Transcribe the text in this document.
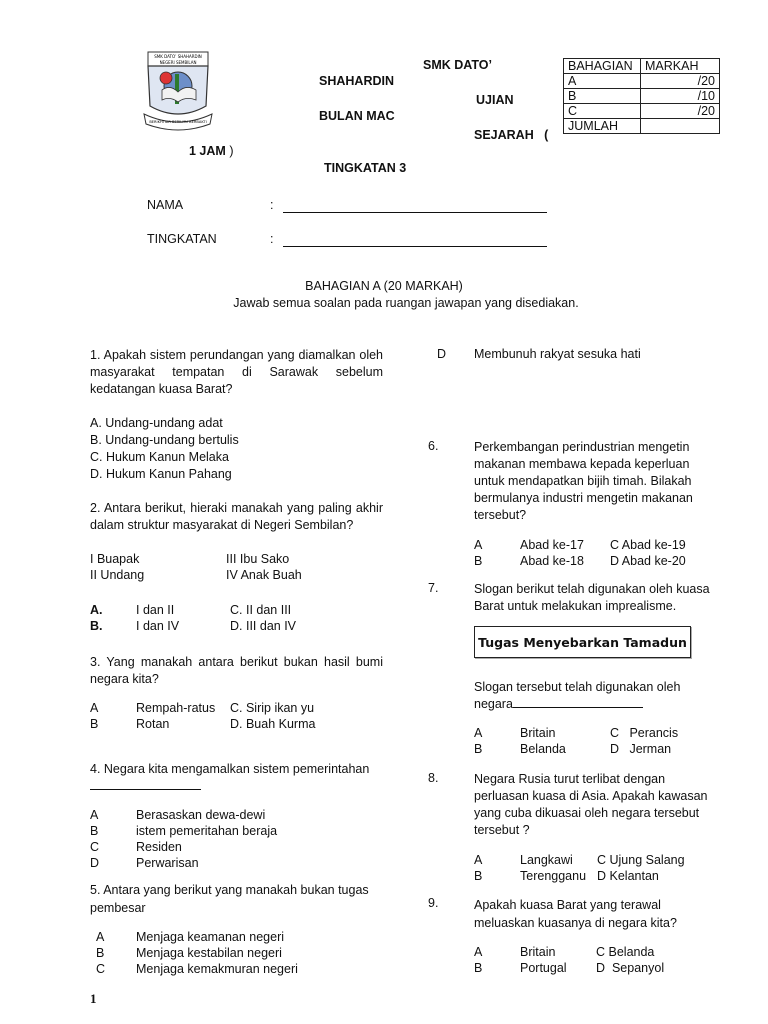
SMK DATO’ SHAHARDIN
NEGERI SEMBILAN
BERIKHTIAR BERILMU BERBAKTI
SMK DATO’
SHAHARDIN
UJIAN
BULAN MAC
SEJARAH   (
1 JAM )
TINGKATAN 3
BAHAGIAN	MARKAH
A	/20
B	/10
C	/20
JUMLAH	
NAMA	:
TINGKATAN	:
BAHAGIAN A (20 MARKAH)
Jawab semua soalan pada ruangan jawapan yang disediakan.
1. Apakah sistem perundangan yang diamalkan oleh masyarakat tempatan di Sarawak sebelum kedatangan kuasa Barat?
A. Undang-undang adat
B. Undang-undang bertulis
C. Hukum Kanun Melaka
D. Hukum Kanun Pahang
2. Antara berikut, hieraki manakah yang paling akhir dalam struktur masyarakat di Negeri Sembilan?
I Buapak	III Ibu Sako
II Undang	IV Anak Buah
A.	I dan II	C. II dan III
B.	I dan IV	D. III dan IV
3. Yang manakah antara berikut bukan hasil bumi negara kita?
A	Rempah-ratus	C. Sirip ikan yu
B	Rotan	D. Buah Kurma
4. Negara kita mengamalkan sistem pemerintahan

A	Berasaskan dewa-dewi
B	istem pemeritahan beraja
C	Residen
D	Perwarisan
5. Antara yang berikut yang manakah bukan tugas pembesar
A	Menjaga keamanan negeri
B	Menjaga kestabilan negeri
C	Menjaga kemakmuran negeri
D Membunuh rakyat sesuka hati
6.	Perkembangan perindustrian mengetin makanan membawa kepada keperluan untuk mendapatkan bijih timah. Bilakah bermulanya industri mengetin makanan tersebut?
A	Abad ke-17	C Abad ke-19
B	Abad ke-18	D Abad ke-20
7.	Slogan berikut telah digunakan oleh kuasa Barat untuk melakukan imprealisme.
Tugas Menyebarkan Tamadun
Slogan tersebut telah digunakan oleh negara
A	Britain	C   Perancis
B	Belanda	D   Jerman
8.	Negara Rusia turut terlibat dengan perluasan kuasa di Asia. Apakah kawasan yang cuba dikuasai oleh negara tersebut tersebut ?
A	Langkawi	C Ujung Salang
B	Terengganu D Kelantan
9.	Apakah kuasa Barat yang terawal meluaskan kuasanya di negara kita?
A	Britain	C Belanda
B	Portugal	D  Sepanyol
1
